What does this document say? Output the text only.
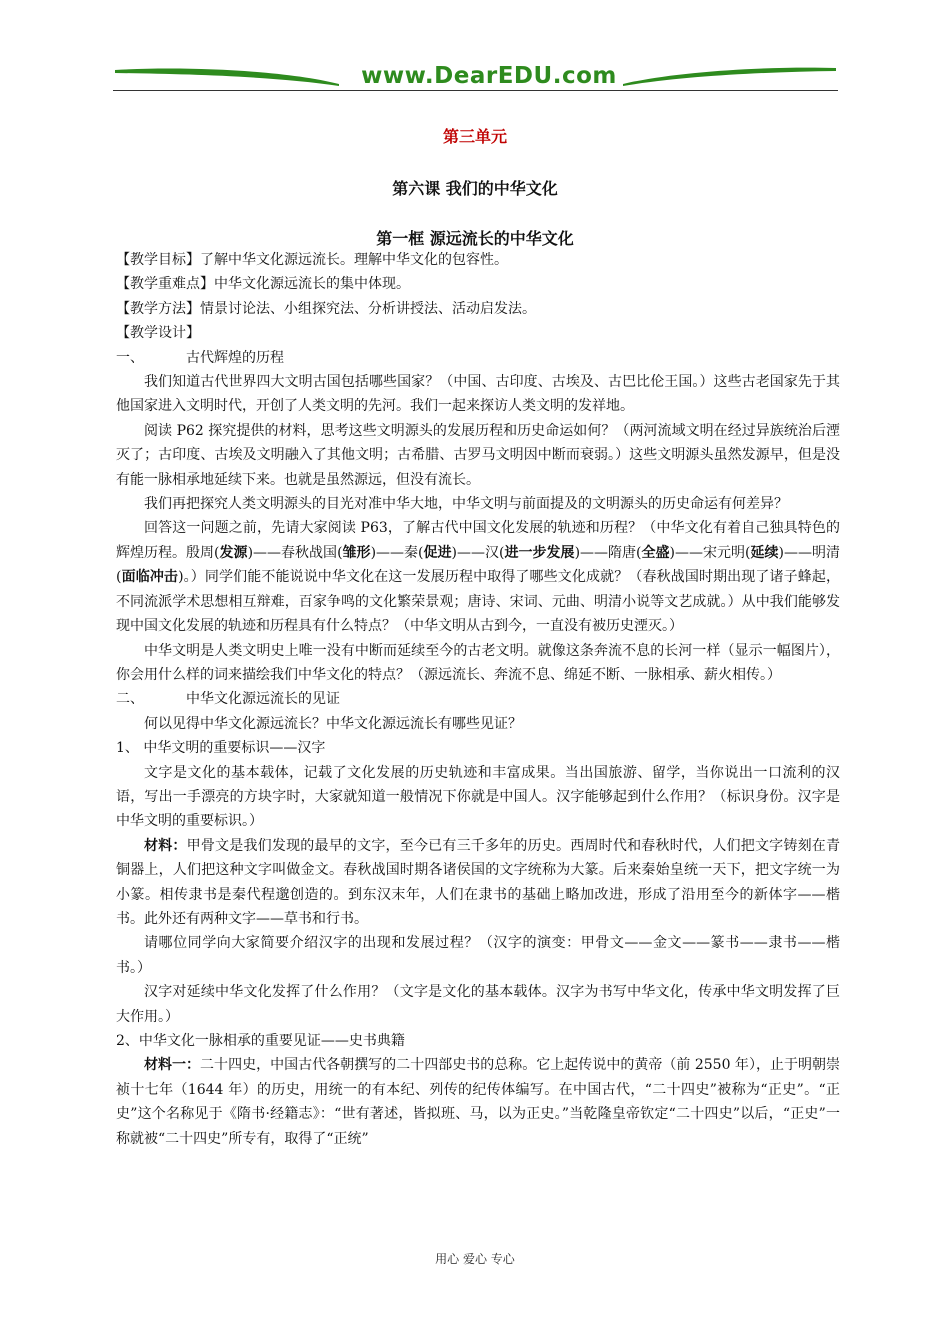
www.DearEDU.com
第三单元
第六课 我们的中华文化
第一框 源远流长的中华文化

【教学目标】了解中华文化源远流长。理解中华文化的包容性。

【教学重难点】中华文化源远流长的集中体现。

【教学方法】情景讨论法、小组探究法、分析讲授法、活动启发法。

【教学设计】

一、	古代辉煌的历程

我们知道古代世界四大文明古国包括哪些国家？（中国、古印度、古埃及、古巴比伦王国。）这些古老国家先于其他国家进入文明时代，开创了人类文明的先河。我们一起来探访人类文明的发祥地。

阅读 P62 探究提供的材料，思考这些文明源头的发展历程和历史命运如何？（两河流域文明在经过异族统治后湮灭了；古印度、古埃及文明融入了其他文明；古希腊、古罗马文明因中断而衰弱。）这些文明源头虽然发源早，但是没有能一脉相承地延续下来。也就是虽然源远，但没有流长。

我们再把探究人类文明源头的目光对准中华大地，中华文明与前面提及的文明源头的历史命运有何差异？

回答这一问题之前，先请大家阅读 P63，了解古代中国文化发展的轨迹和历程？（中华文化有着自己独具特色的辉煌历程。殷周(发源)——春秋战国(雏形)——秦(促进)——汉(进一步发展)——隋唐(全盛)——宋元明(延续)——明清(面临冲击)。）同学们能不能说说中华文化在这一发展历程中取得了哪些文化成就？（春秋战国时期出现了诸子蜂起，不同流派学术思想相互辩难，百家争鸣的文化繁荣景观；唐诗、宋词、元曲、明清小说等文艺成就。）从中我们能够发现中国文化发展的轨迹和历程具有什么特点？（中华文明从古到今，一直没有被历史湮灭。）

中华文明是人类文明史上唯一没有中断而延续至今的古老文明。就像这条奔流不息的长河一样（显示一幅图片），你会用什么样的词来描绘我们中华文化的特点？（源远流长、奔流不息、绵延不断、一脉相承、薪火相传。）

二、	中华文化源远流长的见证

何以见得中华文化源远流长？中华文化源远流长有哪些见证？

1、 中华文明的重要标识——汉字

文字是文化的基本载体，记载了文化发展的历史轨迹和丰富成果。当出国旅游、留学，当你说出一口流利的汉语，写出一手漂亮的方块字时，大家就知道一般情况下你就是中国人。汉字能够起到什么作用？（标识身份。汉字是中华文明的重要标识。）

材料：甲骨文是我们发现的最早的文字，至今已有三千多年的历史。西周时代和春秋时代，人们把文字铸刻在青铜器上，人们把这种文字叫做金文。春秋战国时期各诸侯国的文字统称为大篆。后来秦始皇统一天下，把文字统一为小篆。相传隶书是秦代程邈创造的。到东汉末年，人们在隶书的基础上略加改进，形成了沿用至今的新体字——楷书。此外还有两种文字——草书和行书。

请哪位同学向大家简要介绍汉字的出现和发展过程？（汉字的演变：甲骨文——金文——篆书——隶书——楷书。）

汉字对延续中华文化发挥了什么作用？（文字是文化的基本载体。汉字为书写中华文化，传承中华文明发挥了巨大作用。）

2、中华文化一脉相承的重要见证——史书典籍

材料一：二十四史，中国古代各朝撰写的二十四部史书的总称。它上起传说中的黄帝（前 2550 年），止于明朝崇祯十七年（1644 年）的历史，用统一的有本纪、列传的纪传体编写。在中国古代，“二十四史”被称为“正史”。“正史”这个名称见于《隋书·经籍志》：“世有著述，皆拟班、马，以为正史。”当乾隆皇帝钦定“二十四史”以后，“正史”一称就被“二十四史”所专有，取得了“正统”

用心 爱心 专心
